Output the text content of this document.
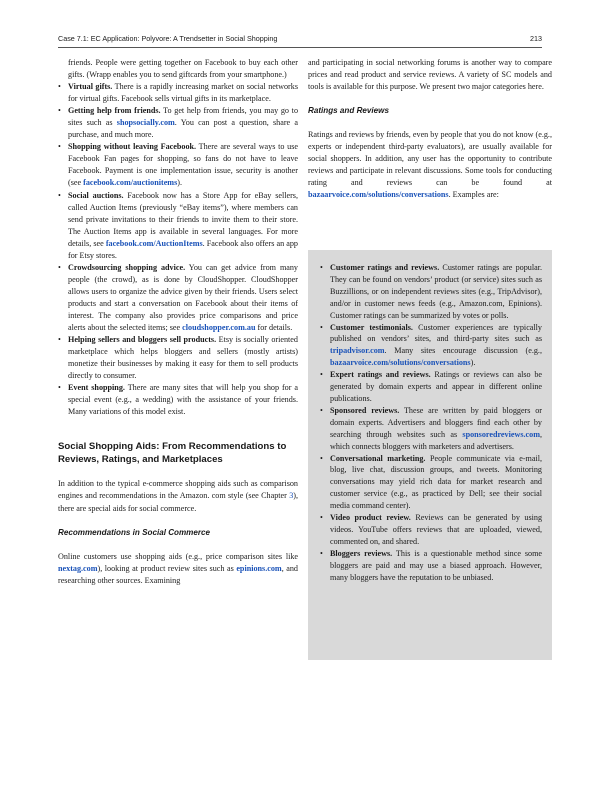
Case 7.1: EC Application: Polyvore: A Trendsetter in Social Shopping	213

friends. People were getting together on Facebook to buy each other gifts. (Wrapp enables you to send giftcards from your smartphone.)

• Virtual gifts. There is a rapidly increasing market on social networks for virtual gifts. Facebook sells virtual gifts in its marketplace.
• Getting help from friends. To get help from friends, you may go to sites such as shopsocially.com. You can post a question, share a purchase, and much more.
• Shopping without leaving Facebook. There are several ways to use Facebook Fan pages for shopping, so fans do not have to leave Facebook. Payment is one implementation issue, security is another (see facebook.com/auctionitems).
• Social auctions. Facebook now has a Store App for eBay sellers, called Auction Items (previously “eBay items”), where members can send private invitations to their friends to invite them to their store. The Auction Items app is available in several languages. For more details, see facebook.com/AuctionItems. Facebook also offers an app for Etsy stores.
• Crowdsourcing shopping advice. You can get advice from many people (the crowd), as is done by CloudShopper. CloudShopper allows users to organize the advice given by their friends. Users select products and start a conversation on Facebook about their items of interest. The company also provides price comparisons and price alerts about the selected items; see cloudshopper.com.au for details.
• Helping sellers and bloggers sell products. Etsy is socially oriented marketplace which helps bloggers and sellers (mostly artists) monetize their businesses by making it easy for them to sell products directly to consumer.
• Event shopping. There are many sites that will help you shop for a special event (e.g., a wedding) with the assistance of your friends. Many variations of this model exist.
Social Shopping Aids: From Recommendations to Reviews, Ratings, and Marketplaces

In addition to the typical e-commerce shopping aids such as comparison engines and recommendations in the Amazon. com style (see Chapter 3), there are special aids for social commerce.

Recommendations in Social Commerce

Online customers use shopping aids (e.g., price comparison sites like nextag.com), looking at product review sites such as epinions.com, and researching other sources. Examining

and participating in social networking forums is another way to compare prices and read product and service reviews. A variety of SC models and tools is available for this purpose. We present two major categories here.

Ratings and Reviews

Ratings and reviews by friends, even by people that you do not know (e.g., experts or independent third-party evaluators), are usually available for social shoppers. In addition, any user has the opportunity to contribute reviews and participate in relevant discussions. Some tools for conducting rating and reviews can be found at bazaarvoice.com/solutions/conversations. Examples are:

• Customer ratings and reviews. Customer ratings are popular. They can be found on vendors’ product (or service) sites such as Buzzillions, or on independent reviews sites (e.g., TripAdvisor), and/or in customer news feeds (e.g., Amazon.com, Epinions). Customer ratings can be summarized by votes or polls.
• Customer testimonials. Customer experiences are typically published on vendors’ sites, and third-party sites such as tripadvisor.com. Many sites encourage discussion (e.g., bazaarvoice.com/solutions/conversations).
• Expert ratings and reviews. Ratings or reviews can also be generated by domain experts and appear in different online publications.
• Sponsored reviews. These are written by paid bloggers or domain experts. Advertisers and bloggers find each other by searching through websites such as sponsoredreviews.com, which connects bloggers with marketers and advertisers.
• Conversational marketing. People communicate via e-mail, blog, live chat, discussion groups, and tweets. Monitoring conversations may yield rich data for market research and customer service (e.g., as practiced by Dell; see their social media command center).
• Video product review. Reviews can be generated by using videos. YouTube offers reviews that are uploaded, viewed, commented on, and shared.
• Bloggers reviews. This is a questionable method since some bloggers are paid and may use a biased approach. However, many bloggers have the reputation to be unbiased.
